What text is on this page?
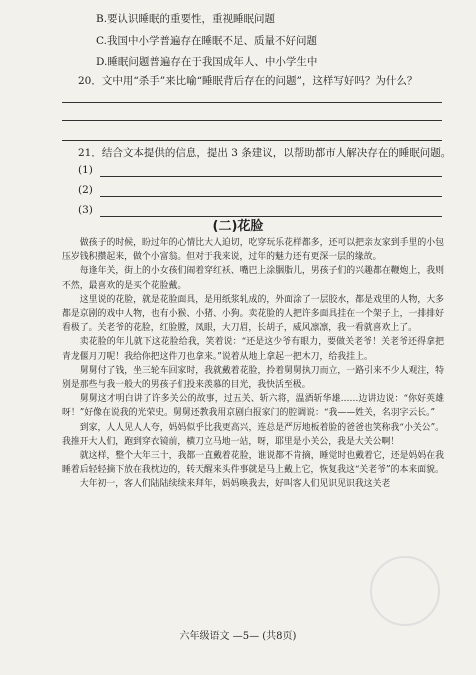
B.要认识睡眠的重要性，重视睡眠问题
C.我国中小学普遍存在睡眠不足、质量不好问题
D.睡眠问题普遍存在于我国成年人、中小学生中
20．文中用“杀手”来比喻“睡眠背后存在的问题”，这样写好吗？为什么？
21．结合文本提供的信息，提出 3 条建议，以帮助都市人解决存在的睡眠问题。
(1)
(2)
(3)
(二)花脸

做孩子的时候，盼过年的心情比大人迫切，吃穿玩乐花样都多，还可以把亲友家到手里的小包压岁钱积攒起来，做个小富翁。但对于我来说，过年的魅力还有更深一层的缘故。

每逢年关，街上的小女孩们闹着穿红袄、嘴巴上涂胭脂儿，男孩子们的兴趣都在鞭炮上，我则不然，最喜欢的是买个花脸戴。

这里说的花脸，就是花脸面具，是用纸浆轧成的，外面涂了一层胶水，都是戏里的人物，大多都是京剧的戏中人物，也有小猴、小猪、小狗。卖花脸的人把许多面具挂在一个架子上，一排排好看极了。关老爷的花脸，红脸膛，凤眼，大刀眉，长胡子，威风凛凛，我一看就喜欢上了。

卖花脸的年儿就下这花脸给我，笑着说：“还是这少爷有眼力，要做关老爷！关老爷还得拿把青龙偃月刀呢！我给你把这件刀也拿来。”说着从地上拿起一把木刀，给我挂上。

舅舅付了钱，坐三轮车回家时，我就戴着花脸，拎着舅舅执刀而立，一路引来不少人观注，特别是那些与我一般大的男孩子们投来羡慕的目光，我快活至极。

舅舅这才明白讲了许多关公的故事，过五关、斩六将，温酒斩华雄……边讲边说：“你好英雄呀！”好像在说我的光荣史。舅舅还教我用京剧白报家门的腔调说：“我——姓关，名羽字云长。”

到家，人人见人人夸，妈妈似乎比我更高兴，连总是严厉地板着脸的爸爸也笑称我“小关公”。我推开大人们，跑到穿衣镜前，横刀立马地一站，呀，耶里是小关公，我是大关公啊！

就这样，整个大年三十，我都一直戴着花脸，谁说都不肯摘，睡觉时也戴着它，还是妈妈在我睡着后轻轻摘下放在我枕边的，转天醒来头件事就是马上戴上它，恢复我这“关老爷”的本来面貌。

大年初一，客人们陆陆续续来拜年，妈妈唤我去，好叫客人们见识见识我这关老

六年级语文 —5— (共8页)
